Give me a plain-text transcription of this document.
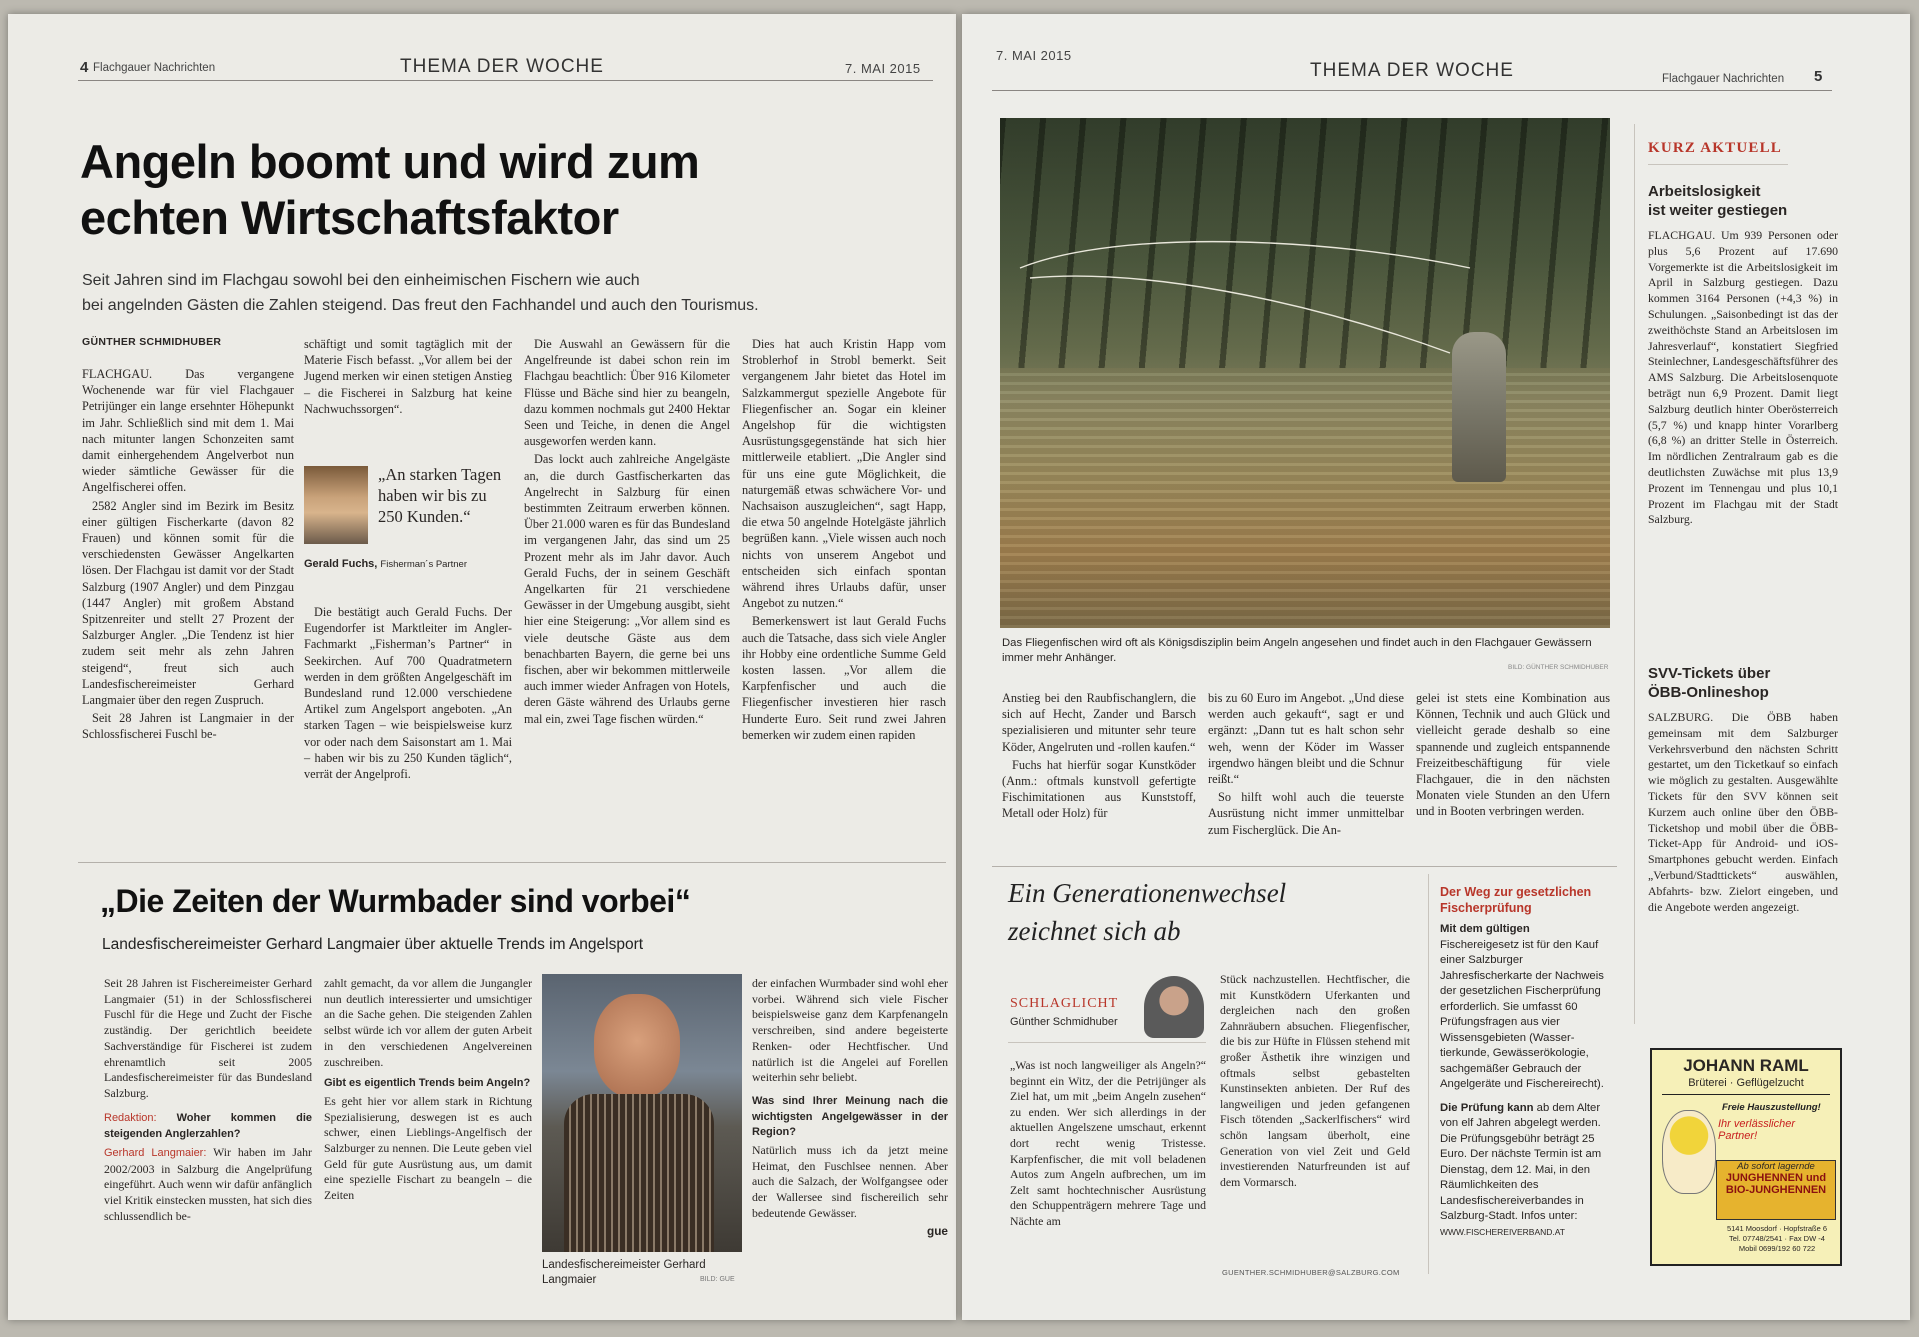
4 Flachgauer Nachrichten	THEMA DER WOCHE	7. MAI 2015
Angeln boomt und wird zum
echten Wirtschaftsfaktor
Seit Jahren sind im Flachgau sowohl bei den einheimischen Fischern wie auch
bei angelnden Gästen die Zahlen steigend. Das freut den Fachhandel und auch den Tourismus.
GÜNTHER SCHMIDHUBER

FLACHGAU. Das vergangene Wochenende war für viel Flachgauer Petrijünger ein lange ersehnter Höhepunkt im Jahr. Schließlich sind mit dem 1. Mai nach mitunter langen Schonzeiten samt damit einhergehendem Angelverbot nun wieder sämtliche Gewässer für die Angelfischerei offen.

2582 Angler sind im Bezirk im Besitz einer gültigen Fischerkarte (davon 82 Frauen) und können somit für die verschiedensten Gewässer Angelkarten lösen. Der Flachgau ist damit vor der Stadt Salzburg (1907 Angler) und dem Pinzgau (1447 Angler) mit großem Abstand Spitzenreiter und stellt 27 Prozent der Salzburger Angler. „Die Tendenz ist hier zudem seit mehr als zehn Jahren steigend“, freut sich auch Landesfischereimeister Gerhard Langmaier über den regen Zuspruch.

Seit 28 Jahren ist Langmaier in der Schlossfischerei Fuschl be-

schäftigt und somit tagtäglich mit der Materie Fisch befasst. „Vor allem bei der Jugend merken wir einen stetigen Anstieg – die Fischerei in Salzburg hat keine Nachwuchssorgen“.

„An starken Tagen haben wir bis zu 250 Kunden.“
Gerald Fuchs, Fisherman´s Partner

Die bestätigt auch Gerald Fuchs. Der Eugendorfer ist Marktleiter im Angler-Fachmarkt „Fisherman’s Partner“ in Seekirchen. Auf 700 Quadratmetern werden in dem größten Angelgeschäft im Bundesland rund 12.000 verschiedene Artikel zum Angelsport angeboten. „An starken Tagen – wie beispielsweise kurz vor oder nach dem Saisonstart am 1. Mai – haben wir bis zu 250 Kunden täglich“, verrät der Angelprofi.

Die Auswahl an Gewässern für die Angelfreunde ist dabei schon rein im Flachgau beachtlich: Über 916 Kilometer Flüsse und Bäche sind hier zu beangeln, dazu kommen nochmals gut 2400 Hektar Seen und Teiche, in denen die Angel ausgeworfen werden kann.

Das lockt auch zahlreiche Angelgäste an, die durch Gastfischerkarten das Angelrecht in Salzburg für einen bestimmten Zeitraum erwerben können. Über 21.000 waren es für das Bundesland im vergangenen Jahr, das sind um 25 Prozent mehr als im Jahr davor. Auch Gerald Fuchs, der in seinem Geschäft Angelkarten für 21 verschiedene Gewässer in der Umgebung ausgibt, sieht hier eine Steigerung: „Vor allem sind es viele deutsche Gäste aus dem benachbarten Bayern, die gerne bei uns fischen, aber wir bekommen mittlerweile auch immer wieder Anfragen von Hotels, deren Gäste während des Urlaubs gerne mal ein, zwei Tage fischen würden.“

Dies hat auch Kristin Happ vom Stroblerhof in Strobl bemerkt. Seit vergangenem Jahr bietet das Hotel im Salzkammergut spezielle Angebote für Fliegenfischer an. Sogar ein kleiner Angelshop für die wichtigsten Ausrüstungsgegenstände hat sich hier mittlerweile etabliert. „Die Angler sind für uns eine gute Möglichkeit, die naturgemäß etwas schwächere Vor- und Nachsaison auszugleichen“, sagt Happ, die etwa 50 angelnde Hotelgäste jährlich begrüßen kann. „Viele wissen auch noch nichts von unserem Angebot und entscheiden sich einfach spontan während ihres Urlaubs dafür, unser Angebot zu nutzen.“

Bemerkenswert ist laut Gerald Fuchs auch die Tatsache, dass sich viele Angler ihr Hobby eine ordentliche Summe Geld kosten lassen. „Vor allem die Karpfenfischer und auch die Fliegenfischer investieren hier rasch Hunderte Euro. Seit rund zwei Jahren bemerken wir zudem einen rapiden

„Die Zeiten der Wurmbader sind vorbei“
Landesfischereimeister Gerhard Langmaier über aktuelle Trends im Angelsport

Seit 28 Jahren ist Fischereimeister Gerhard Langmaier (51) in der Schlossfischerei Fuschl für die Hege und Zucht der Fische zuständig. Der gerichtlich beeidete Sachverständige für Fischerei ist zudem ehrenamtlich seit 2005 Landesfischereimeister für das Bundesland Salzburg.

Redaktion: Woher kommen die steigenden Anglerzahlen?

Gerhard Langmaier: Wir haben im Jahr 2002/2003 in Salzburg die Angelprüfung eingeführt. Auch wenn wir dafür anfänglich viel Kritik einstecken mussten, hat sich dies schlussendlich be-

zahlt gemacht, da vor allem die Jungangler nun deutlich interessierter und umsichtiger an die Sache gehen. Die steigenden Zahlen selbst würde ich vor allem der guten Arbeit in den verschiedenen Angelvereinen zuschreiben.

Gibt es eigentlich Trends beim Angeln?

Es geht hier vor allem stark in Richtung Spezialisierung, deswegen ist es auch schwer, einen Lieblings-Angelfisch der Salzburger zu nennen. Die Leute geben viel Geld für gute Ausrüstung aus, um damit eine spezielle Fischart zu beangeln – die Zeiten

Landesfischereimeister Gerhard Langmaier	BILD: GUE

der einfachen Wurmbader sind wohl eher vorbei. Während sich viele Fischer beispielsweise ganz dem Karpfenangeln verschreiben, sind andere begeisterte Renken- oder Hechtfischer. Und natürlich ist die Angelei auf Forellen weiterhin sehr beliebt.

Was sind Ihrer Meinung nach die wichtigsten Angelgewässer in der Region?

Natürlich muss ich da jetzt meine Heimat, den Fuschlsee nennen. Aber auch die Salzach, der Wolfgangsee oder der Wallersee sind fischereilich sehr bedeutende Gewässer.

gue

7. MAI 2015
THEMA DER WOCHE	Flachgauer Nachrichten 5
Das Fliegenfischen wird oft als Königsdisziplin beim Angeln angesehen und findet auch in den Flachgauer Gewässern immer mehr Anhänger.
BILD: GÜNTHER SCHMIDHUBER

Anstieg bei den Raubfischanglern, die sich auf Hecht, Zander und Barsch spezialisieren und mitunter sehr teure Köder, Angelruten und -rollen kaufen.“

Fuchs hat hierfür sogar Kunstköder (Anm.: oftmals kunstvoll gefertigte Fischimitationen aus Kunststoff, Metall oder Holz) für

bis zu 60 Euro im Angebot. „Und diese werden auch gekauft“, sagt er und ergänzt: „Dann tut es halt schon sehr weh, wenn der Köder im Wasser irgendwo hängen bleibt und die Schnur reißt.“

So hilft wohl auch die teuerste Ausrüstung nicht immer unmittelbar zum Fischerglück. Die An-

gelei ist stets eine Kombination aus Können, Technik und auch Glück und vielleicht gerade deshalb so eine spannende und zugleich entspannende Freizeitbeschäftigung für viele Flachgauer, die in den nächsten Monaten viele Stunden an den Ufern und in Booten verbringen werden.

Ein Generationenwechsel
zeichnet sich ab
SCHLAGLICHT
Günther Schmidhuber

„Was ist noch langweiliger als Angeln?“ beginnt ein Witz, der die Petrijünger als Ziel hat, um mit „beim Angeln zusehen“ zu enden. Wer sich allerdings in der aktuellen Angelszene umschaut, erkennt dort recht wenig Tristesse. Karpfenfischer, die mit voll beladenen Autos zum Angeln aufbrechen, um im Zelt samt hochtechnischer Ausrüstung den Schuppenträgern mehrere Tage und Nächte am

Stück nachzustellen. Hechtfischer, die mit Kunstködern Uferkanten und dergleichen nach den großen Zahnräubern absuchen. Fliegenfischer, die bis zur Hüfte in Flüssen stehend mit großer Ästhetik ihre winzigen und oftmals selbst gebastelten Kunstinsekten anbieten. Der Ruf des langweiligen und jeden gefangenen Fisch tötenden „Sackerlfischers“ wird schön langsam überholt, eine Generation von viel Zeit und Geld investierenden Naturfreunden ist auf dem Vormarsch.

GUENTHER.SCHMIDHUBER@SALZBURG.COM
Der Weg zur gesetzlichen
Fischerprüfung
Mit dem gültigen Fischereigesetz ist für den Kauf einer Salzburger Jahresfischerkarte der Nachweis der gesetzlichen Fischerprüfung erforderlich. Sie umfasst 60 Prüfungsfragen aus vier Wissensgebieten (Wassertierkunde, Gewässerökologie, sachgemäßer Gebrauch der Angelgeräte und Fischereirecht).
Die Prüfung kann ab dem Alter von elf Jahren abgelegt werden. Die Prüfungsgebühr beträgt 25 Euro. Der nächste Termin ist am Dienstag, dem 12. Mai, in den Räumlichkeiten des Landesfischereiverbandes in Salzburg-Stadt. Infos unter: WWW.FISCHEREIVERBAND.AT
KURZ AKTUELL
Arbeitslosigkeit
ist weiter gestiegen

FLACHGAU. Um 939 Personen oder plus 5,6 Prozent auf 17.690 Vorgemerkte ist die Arbeitslosigkeit im April in Salzburg gestiegen. Dazu kommen 3164 Personen (+4,3 %) in Schulungen. „Saisonbedingt ist das der zweithöchste Stand an Arbeitslosen im Jahresverlauf“, konstatiert Siegfried Steinlechner, Landesgeschäftsführer des AMS Salzburg. Die Arbeitslosenquote beträgt nun 6,9 Prozent. Damit liegt Salzburg deutlich hinter Oberösterreich (5,7 %) und knapp hinter Vorarlberg (6,8 %) an dritter Stelle in Österreich. Im nördlichen Zentralraum gab es die deutlichsten Zuwächse mit plus 13,9 Prozent im Tennengau und plus 10,1 Prozent im Flachgau mit der Stadt Salzburg.

SVV-Tickets über
ÖBB-Onlineshop

SALZBURG. Die ÖBB haben gemeinsam mit dem Salzburger Verkehrsverbund den nächsten Schritt gestartet, um den Ticketkauf so einfach wie möglich zu gestalten. Ausgewählte Tickets für den SVV können seit Kurzem auch online über den ÖBB-Ticketshop und mobil über die ÖBB-Ticket-App für Android- und iOS-Smartphones gebucht werden. Einfach „Verbund/Stadttickets“ auswählen, Abfahrts- bzw. Zielort eingeben, und die Angebote werden angezeigt.

JOHANN RAML
Brüterei · Geflügelzucht
Freie Hauszustellung!
Ihr verlässlicher Partner!
Ab sofort lagernde
JUNGHENNEN und
BIO-JUNGHENNEN
5141 Moosdorf · Hopfstraße 6
Tel. 07748/2541 · Fax DW -4
Mobil 0699/192 60 722
